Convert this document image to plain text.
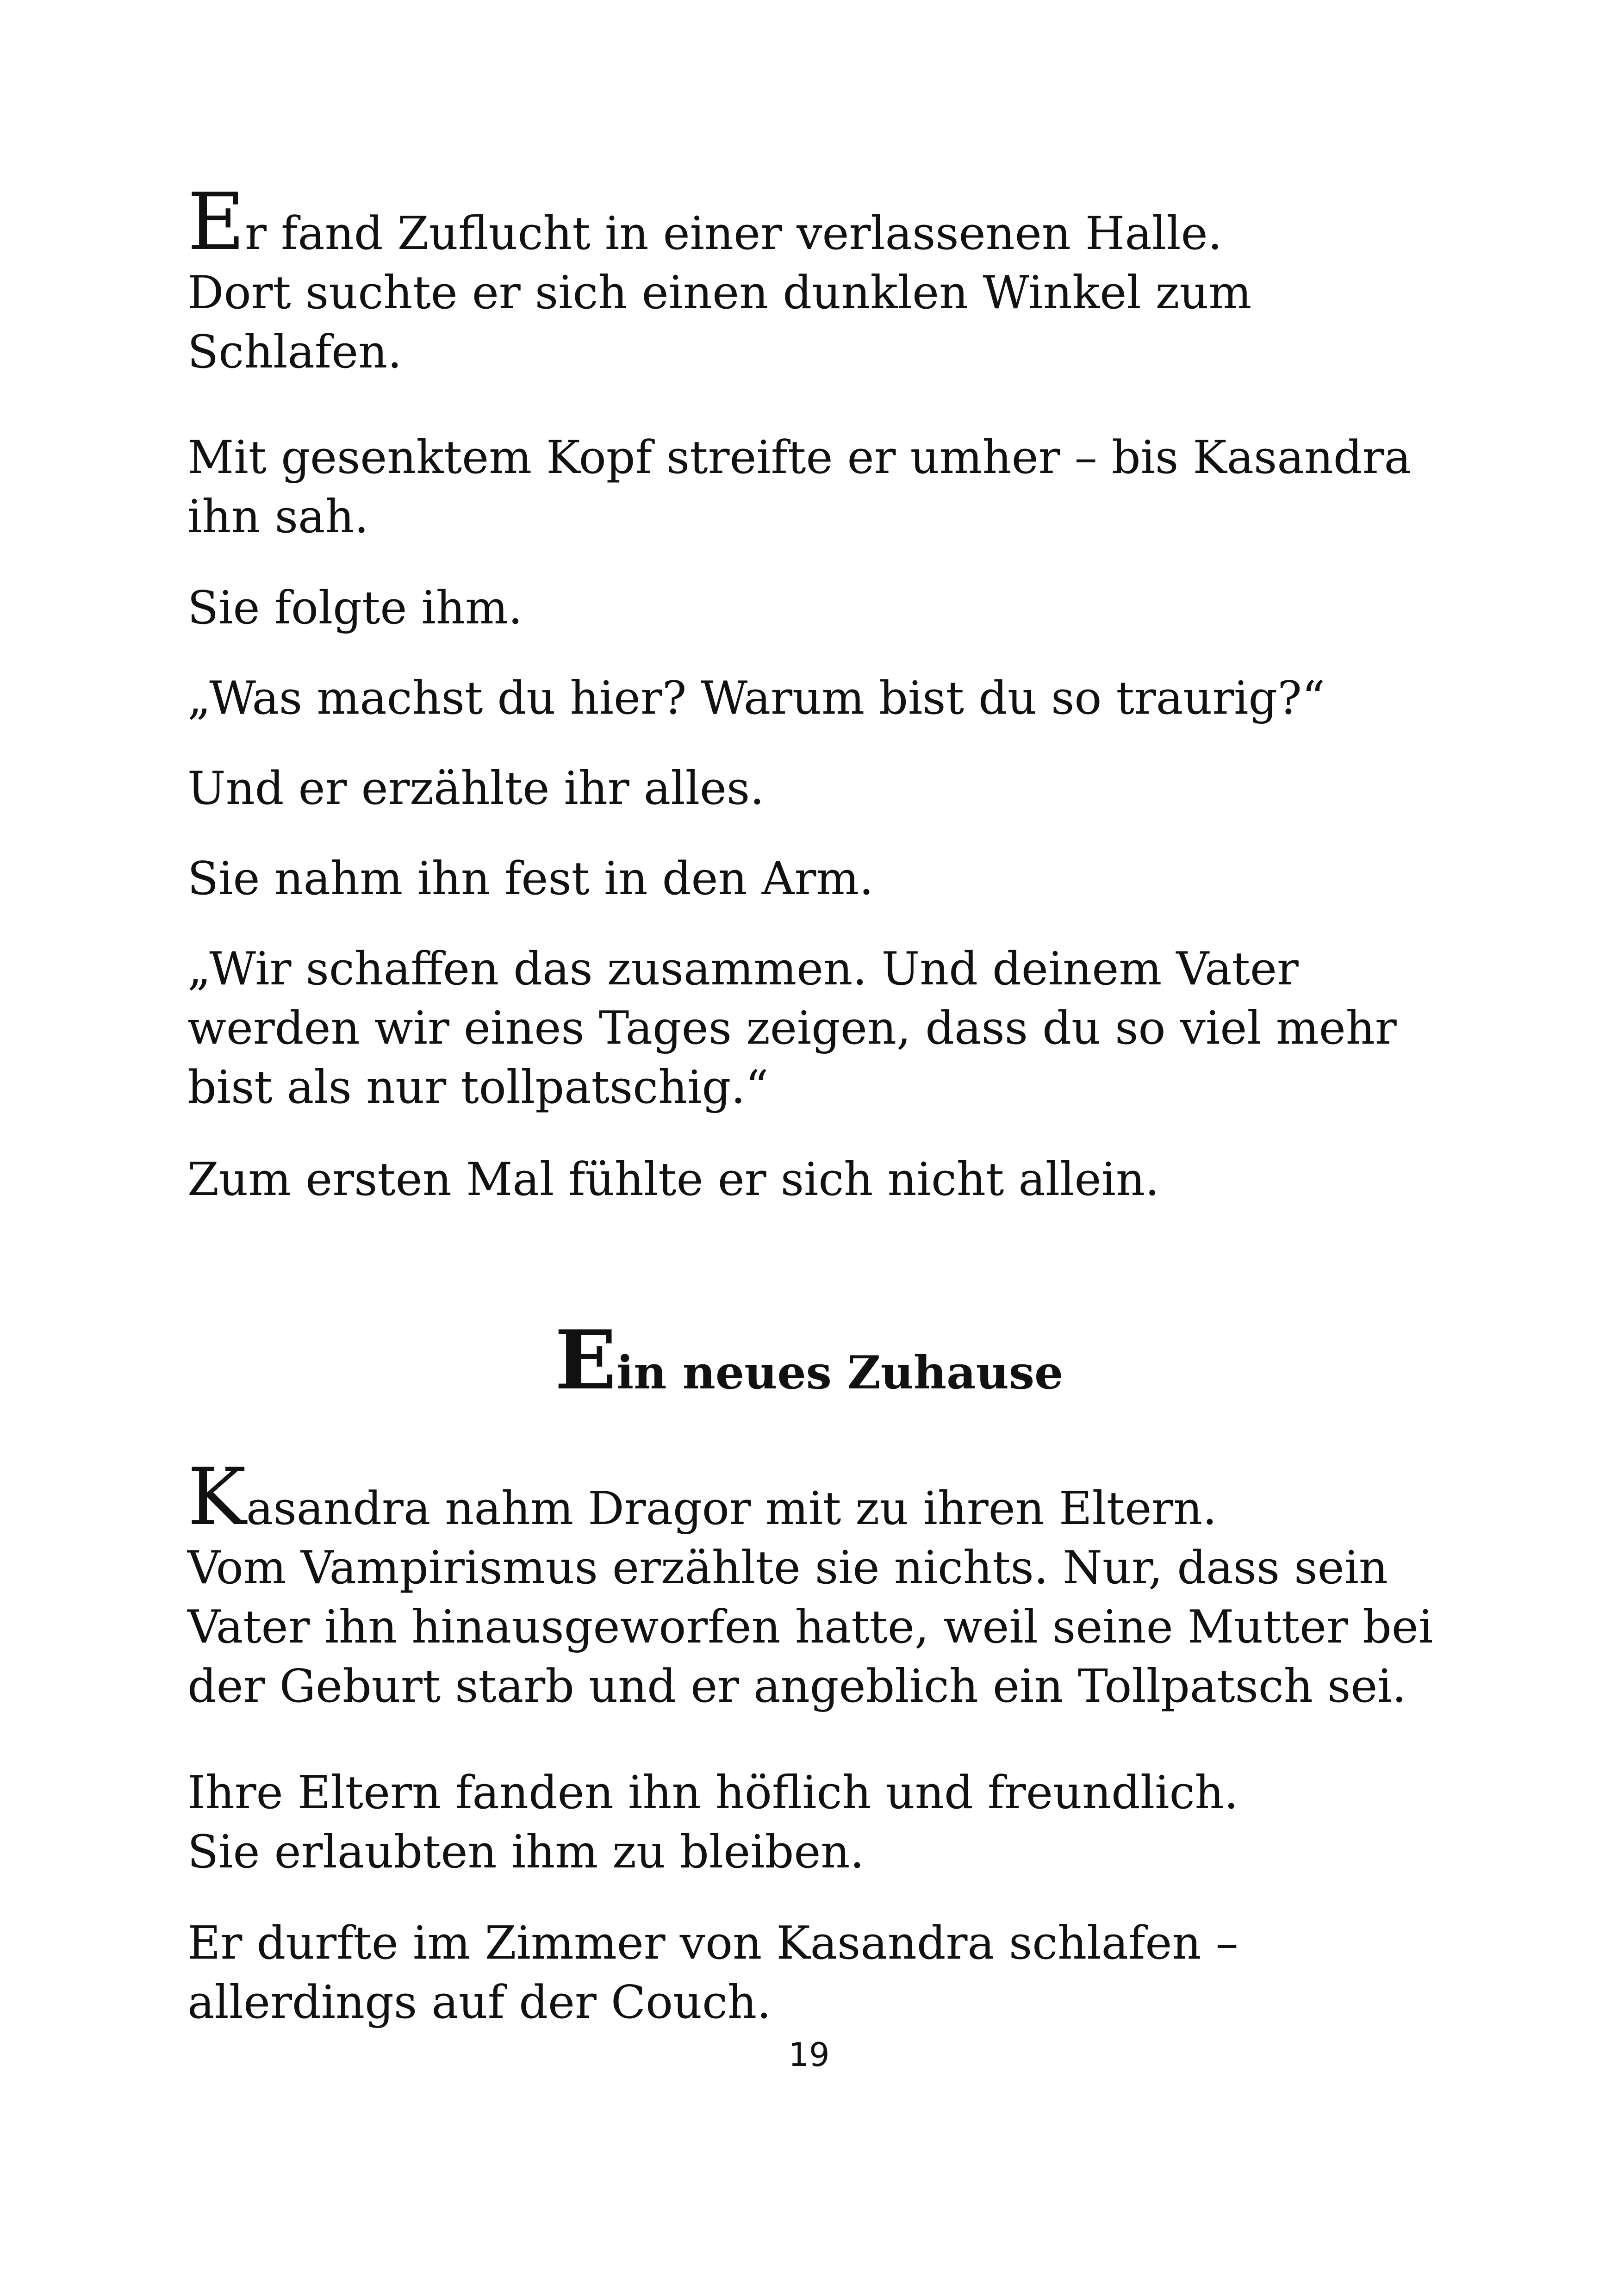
Er fand Zuflucht in einer verlassenen Halle.
Dort suchte er sich einen dunklen Winkel zum
Schlafen.

Mit gesenktem Kopf streifte er umher – bis Kasandra
ihn sah.

Sie folgte ihm.

„Was machst du hier? Warum bist du so traurig?“

Und er erzählte ihr alles.

Sie nahm ihn fest in den Arm.

„Wir schaffen das zusammen. Und deinem Vater
werden wir eines Tages zeigen, dass du so viel mehr
bist als nur tollpatschig.“

Zum ersten Mal fühlte er sich nicht allein.

Ein neues Zuhause

Kasandra nahm Dragor mit zu ihren Eltern.
Vom Vampirismus erzählte sie nichts. Nur, dass sein
Vater ihn hinausgeworfen hatte, weil seine Mutter bei
der Geburt starb und er angeblich ein Tollpatsch sei.

Ihre Eltern fanden ihn höflich und freundlich.
Sie erlaubten ihm zu bleiben.

Er durfte im Zimmer von Kasandra schlafen –
allerdings auf der Couch.

19
